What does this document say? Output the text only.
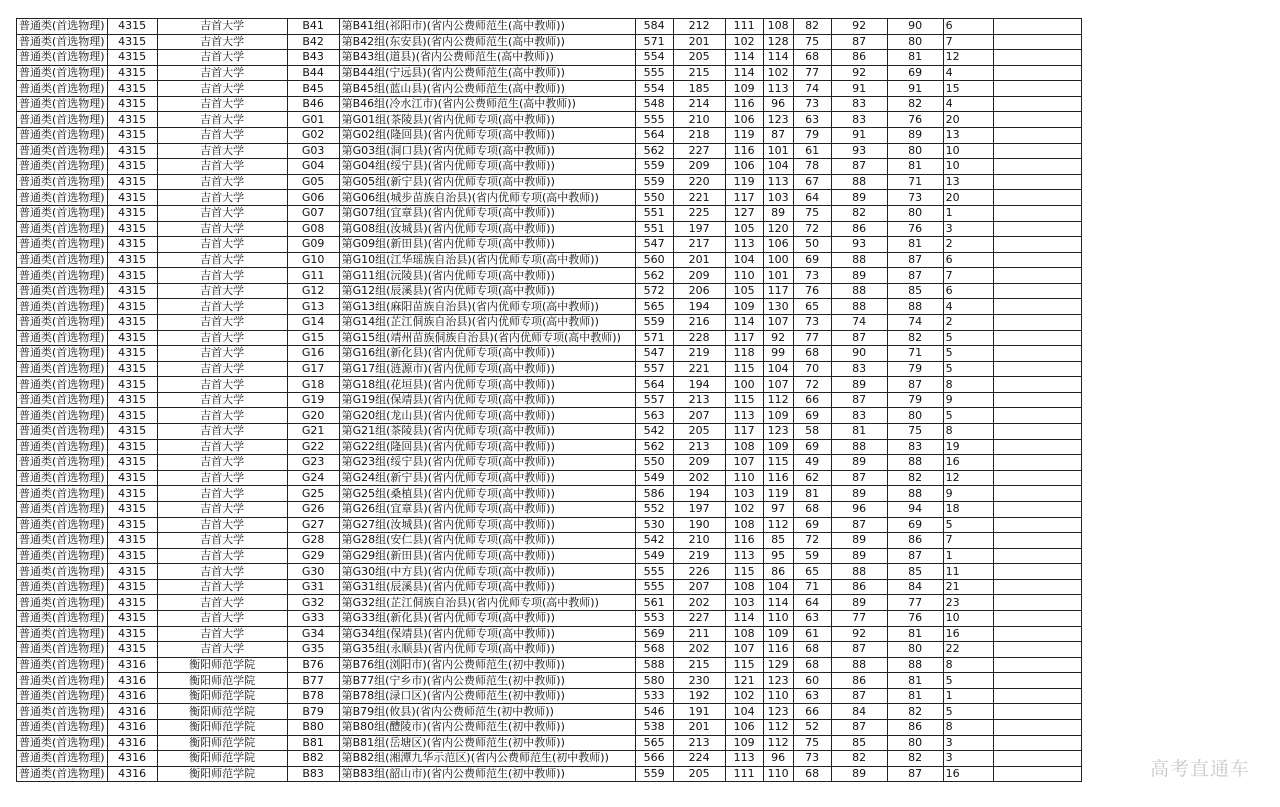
普通类(首选物理)	4315	吉首大学	B41	第B41组(祁阳市)(省内公费师范生(高中教师))	584	212	111	108	82	92	90	6	
普通类(首选物理)	4315	吉首大学	B42	第B42组(东安县)(省内公费师范生(高中教师))	571	201	102	128	75	87	80	7	
普通类(首选物理)	4315	吉首大学	B43	第B43组(道县)(省内公费师范生(高中教师))	554	205	114	114	68	86	81	12	
普通类(首选物理)	4315	吉首大学	B44	第B44组(宁远县)(省内公费师范生(高中教师))	555	215	114	102	77	92	69	4	
普通类(首选物理)	4315	吉首大学	B45	第B45组(蓝山县)(省内公费师范生(高中教师))	554	185	109	113	74	91	91	15	
普通类(首选物理)	4315	吉首大学	B46	第B46组(冷水江市)(省内公费师范生(高中教师))	548	214	116	96	73	83	82	4	
普通类(首选物理)	4315	吉首大学	G01	第G01组(茶陵县)(省内优师专项(高中教师))	555	210	106	123	63	83	76	20	
普通类(首选物理)	4315	吉首大学	G02	第G02组(隆回县)(省内优师专项(高中教师))	564	218	119	87	79	91	89	13	
普通类(首选物理)	4315	吉首大学	G03	第G03组(洞口县)(省内优师专项(高中教师))	562	227	116	101	61	93	80	10	
普通类(首选物理)	4315	吉首大学	G04	第G04组(绥宁县)(省内优师专项(高中教师))	559	209	106	104	78	87	81	10	
普通类(首选物理)	4315	吉首大学	G05	第G05组(新宁县)(省内优师专项(高中教师))	559	220	119	113	67	88	71	13	
普通类(首选物理)	4315	吉首大学	G06	第G06组(城步苗族自治县)(省内优师专项(高中教师))	550	221	117	103	64	89	73	20	
普通类(首选物理)	4315	吉首大学	G07	第G07组(宜章县)(省内优师专项(高中教师))	551	225	127	89	75	82	80	1	
普通类(首选物理)	4315	吉首大学	G08	第G08组(汝城县)(省内优师专项(高中教师))	551	197	105	120	72	86	76	3	
普通类(首选物理)	4315	吉首大学	G09	第G09组(新田县)(省内优师专项(高中教师))	547	217	113	106	50	93	81	2	
普通类(首选物理)	4315	吉首大学	G10	第G10组(江华瑶族自治县)(省内优师专项(高中教师))	560	201	104	100	69	88	87	6	
普通类(首选物理)	4315	吉首大学	G11	第G11组(沅陵县)(省内优师专项(高中教师))	562	209	110	101	73	89	87	7	
普通类(首选物理)	4315	吉首大学	G12	第G12组(辰溪县)(省内优师专项(高中教师))	572	206	105	117	76	88	85	6	
普通类(首选物理)	4315	吉首大学	G13	第G13组(麻阳苗族自治县)(省内优师专项(高中教师))	565	194	109	130	65	88	88	4	
普通类(首选物理)	4315	吉首大学	G14	第G14组(芷江侗族自治县)(省内优师专项(高中教师))	559	216	114	107	73	74	74	2	
普通类(首选物理)	4315	吉首大学	G15	第G15组(靖州苗族侗族自治县)(省内优师专项(高中教师))	571	228	117	92	77	87	82	5	
普通类(首选物理)	4315	吉首大学	G16	第G16组(新化县)(省内优师专项(高中教师))	547	219	118	99	68	90	71	5	
普通类(首选物理)	4315	吉首大学	G17	第G17组(涟源市)(省内优师专项(高中教师))	557	221	115	104	70	83	79	5	
普通类(首选物理)	4315	吉首大学	G18	第G18组(花垣县)(省内优师专项(高中教师))	564	194	100	107	72	89	87	8	
普通类(首选物理)	4315	吉首大学	G19	第G19组(保靖县)(省内优师专项(高中教师))	557	213	115	112	66	87	79	9	
普通类(首选物理)	4315	吉首大学	G20	第G20组(龙山县)(省内优师专项(高中教师))	563	207	113	109	69	83	80	5	
普通类(首选物理)	4315	吉首大学	G21	第G21组(茶陵县)(省内优师专项(高中教师))	542	205	117	123	58	81	75	8	
普通类(首选物理)	4315	吉首大学	G22	第G22组(隆回县)(省内优师专项(高中教师))	562	213	108	109	69	88	83	19	
普通类(首选物理)	4315	吉首大学	G23	第G23组(绥宁县)(省内优师专项(高中教师))	550	209	107	115	49	89	88	16	
普通类(首选物理)	4315	吉首大学	G24	第G24组(新宁县)(省内优师专项(高中教师))	549	202	110	116	62	87	82	12	
普通类(首选物理)	4315	吉首大学	G25	第G25组(桑植县)(省内优师专项(高中教师))	586	194	103	119	81	89	88	9	
普通类(首选物理)	4315	吉首大学	G26	第G26组(宜章县)(省内优师专项(高中教师))	552	197	102	97	68	96	94	18	
普通类(首选物理)	4315	吉首大学	G27	第G27组(汝城县)(省内优师专项(高中教师))	530	190	108	112	69	87	69	5	
普通类(首选物理)	4315	吉首大学	G28	第G28组(安仁县)(省内优师专项(高中教师))	542	210	116	85	72	89	86	7	
普通类(首选物理)	4315	吉首大学	G29	第G29组(新田县)(省内优师专项(高中教师))	549	219	113	95	59	89	87	1	
普通类(首选物理)	4315	吉首大学	G30	第G30组(中方县)(省内优师专项(高中教师))	555	226	115	86	65	88	85	11	
普通类(首选物理)	4315	吉首大学	G31	第G31组(辰溪县)(省内优师专项(高中教师))	555	207	108	104	71	86	84	21	
普通类(首选物理)	4315	吉首大学	G32	第G32组(芷江侗族自治县)(省内优师专项(高中教师))	561	202	103	114	64	89	77	23	
普通类(首选物理)	4315	吉首大学	G33	第G33组(新化县)(省内优师专项(高中教师))	553	227	114	110	63	77	76	10	
普通类(首选物理)	4315	吉首大学	G34	第G34组(保靖县)(省内优师专项(高中教师))	569	211	108	109	61	92	81	16	
普通类(首选物理)	4315	吉首大学	G35	第G35组(永顺县)(省内优师专项(高中教师))	568	202	107	116	68	87	80	22	
普通类(首选物理)	4316	衡阳师范学院	B76	第B76组(浏阳市)(省内公费师范生(初中教师))	588	215	115	129	68	88	88	8	
普通类(首选物理)	4316	衡阳师范学院	B77	第B77组(宁乡市)(省内公费师范生(初中教师))	580	230	121	123	60	86	81	5	
普通类(首选物理)	4316	衡阳师范学院	B78	第B78组(渌口区)(省内公费师范生(初中教师))	533	192	102	110	63	87	81	1	
普通类(首选物理)	4316	衡阳师范学院	B79	第B79组(攸县)(省内公费师范生(初中教师))	546	191	104	123	66	84	82	5	
普通类(首选物理)	4316	衡阳师范学院	B80	第B80组(醴陵市)(省内公费师范生(初中教师))	538	201	106	112	52	87	86	8	
普通类(首选物理)	4316	衡阳师范学院	B81	第B81组(岳塘区)(省内公费师范生(初中教师))	565	213	109	112	75	85	80	3	
普通类(首选物理)	4316	衡阳师范学院	B82	第B82组(湘潭九华示范区)(省内公费师范生(初中教师))	566	224	113	96	73	82	82	3	
普通类(首选物理)	4316	衡阳师范学院	B83	第B83组(韶山市)(省内公费师范生(初中教师))	559	205	111	110	68	89	87	16		高考直通车
